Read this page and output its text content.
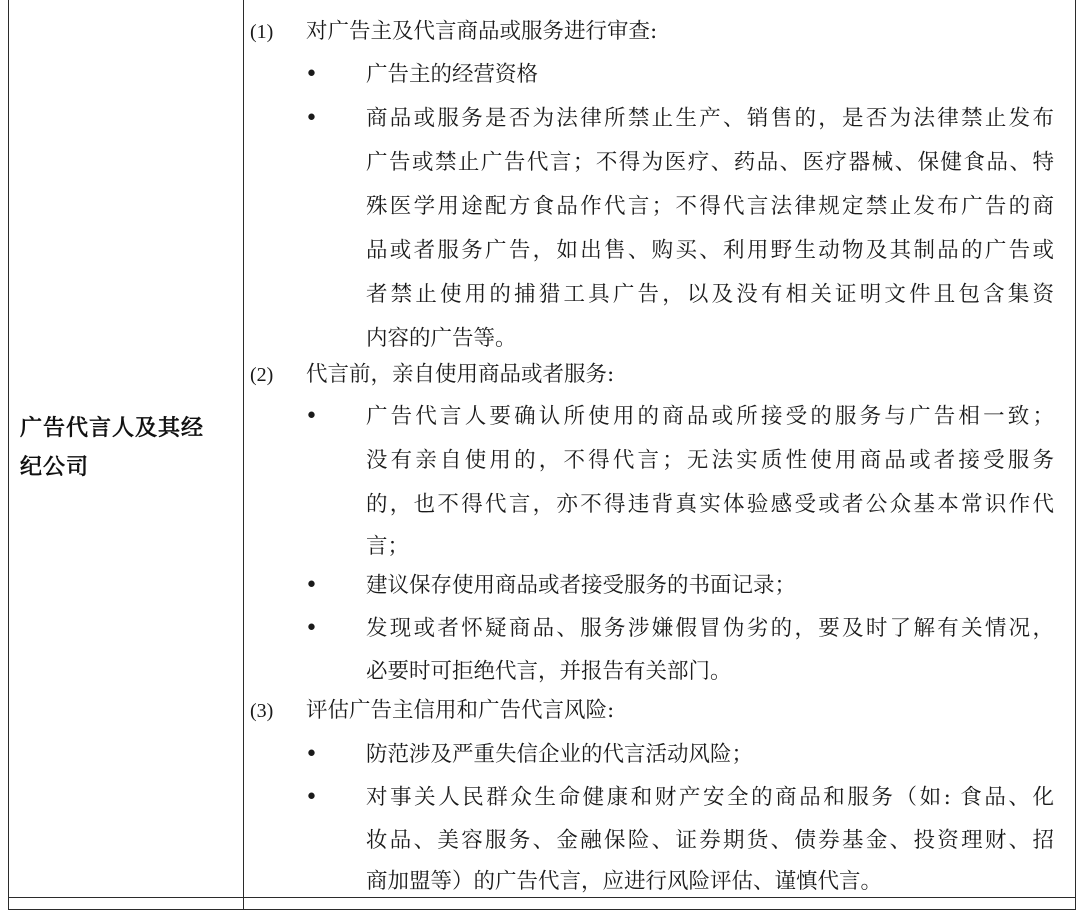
广告代言人及其经
纪公司
(1) 对广告主及代言商品或服务进行审查:
• 广告主的经营资格
• 商品或服务是否为法律所禁止生产、销售的，是否为法律禁止发布
广告或禁止广告代言；不得为医疗、药品、医疗器械、保健食品、特
殊医学用途配方食品作代言；不得代言法律规定禁止发布广告的商
品或者服务广告，如出售、购买、利用野生动物及其制品的广告或
者禁止使用的捕猎工具广告，以及没有相关证明文件且包含集资
内容的广告等。
(2) 代言前，亲自使用商品或者服务:
• 广告代言人要确认所使用的商品或所接受的服务与广告相一致；
没有亲自使用的，不得代言；无法实质性使用商品或者接受服务
的，也不得代言，亦不得违背真实体验感受或者公众基本常识作代
言；
• 建议保存使用商品或者接受服务的书面记录；
• 发现或者怀疑商品、服务涉嫌假冒伪劣的，要及时了解有关情况，
必要时可拒绝代言，并报告有关部门。
(3) 评估广告主信用和广告代言风险:
• 防范涉及严重失信企业的代言活动风险；
• 对事关人民群众生命健康和财产安全的商品和服务（如: 食品、化
妆品、美容服务、金融保险、证券期货、债券基金、投资理财、招
商加盟等）的广告代言，应进行风险评估、谨慎代言。
